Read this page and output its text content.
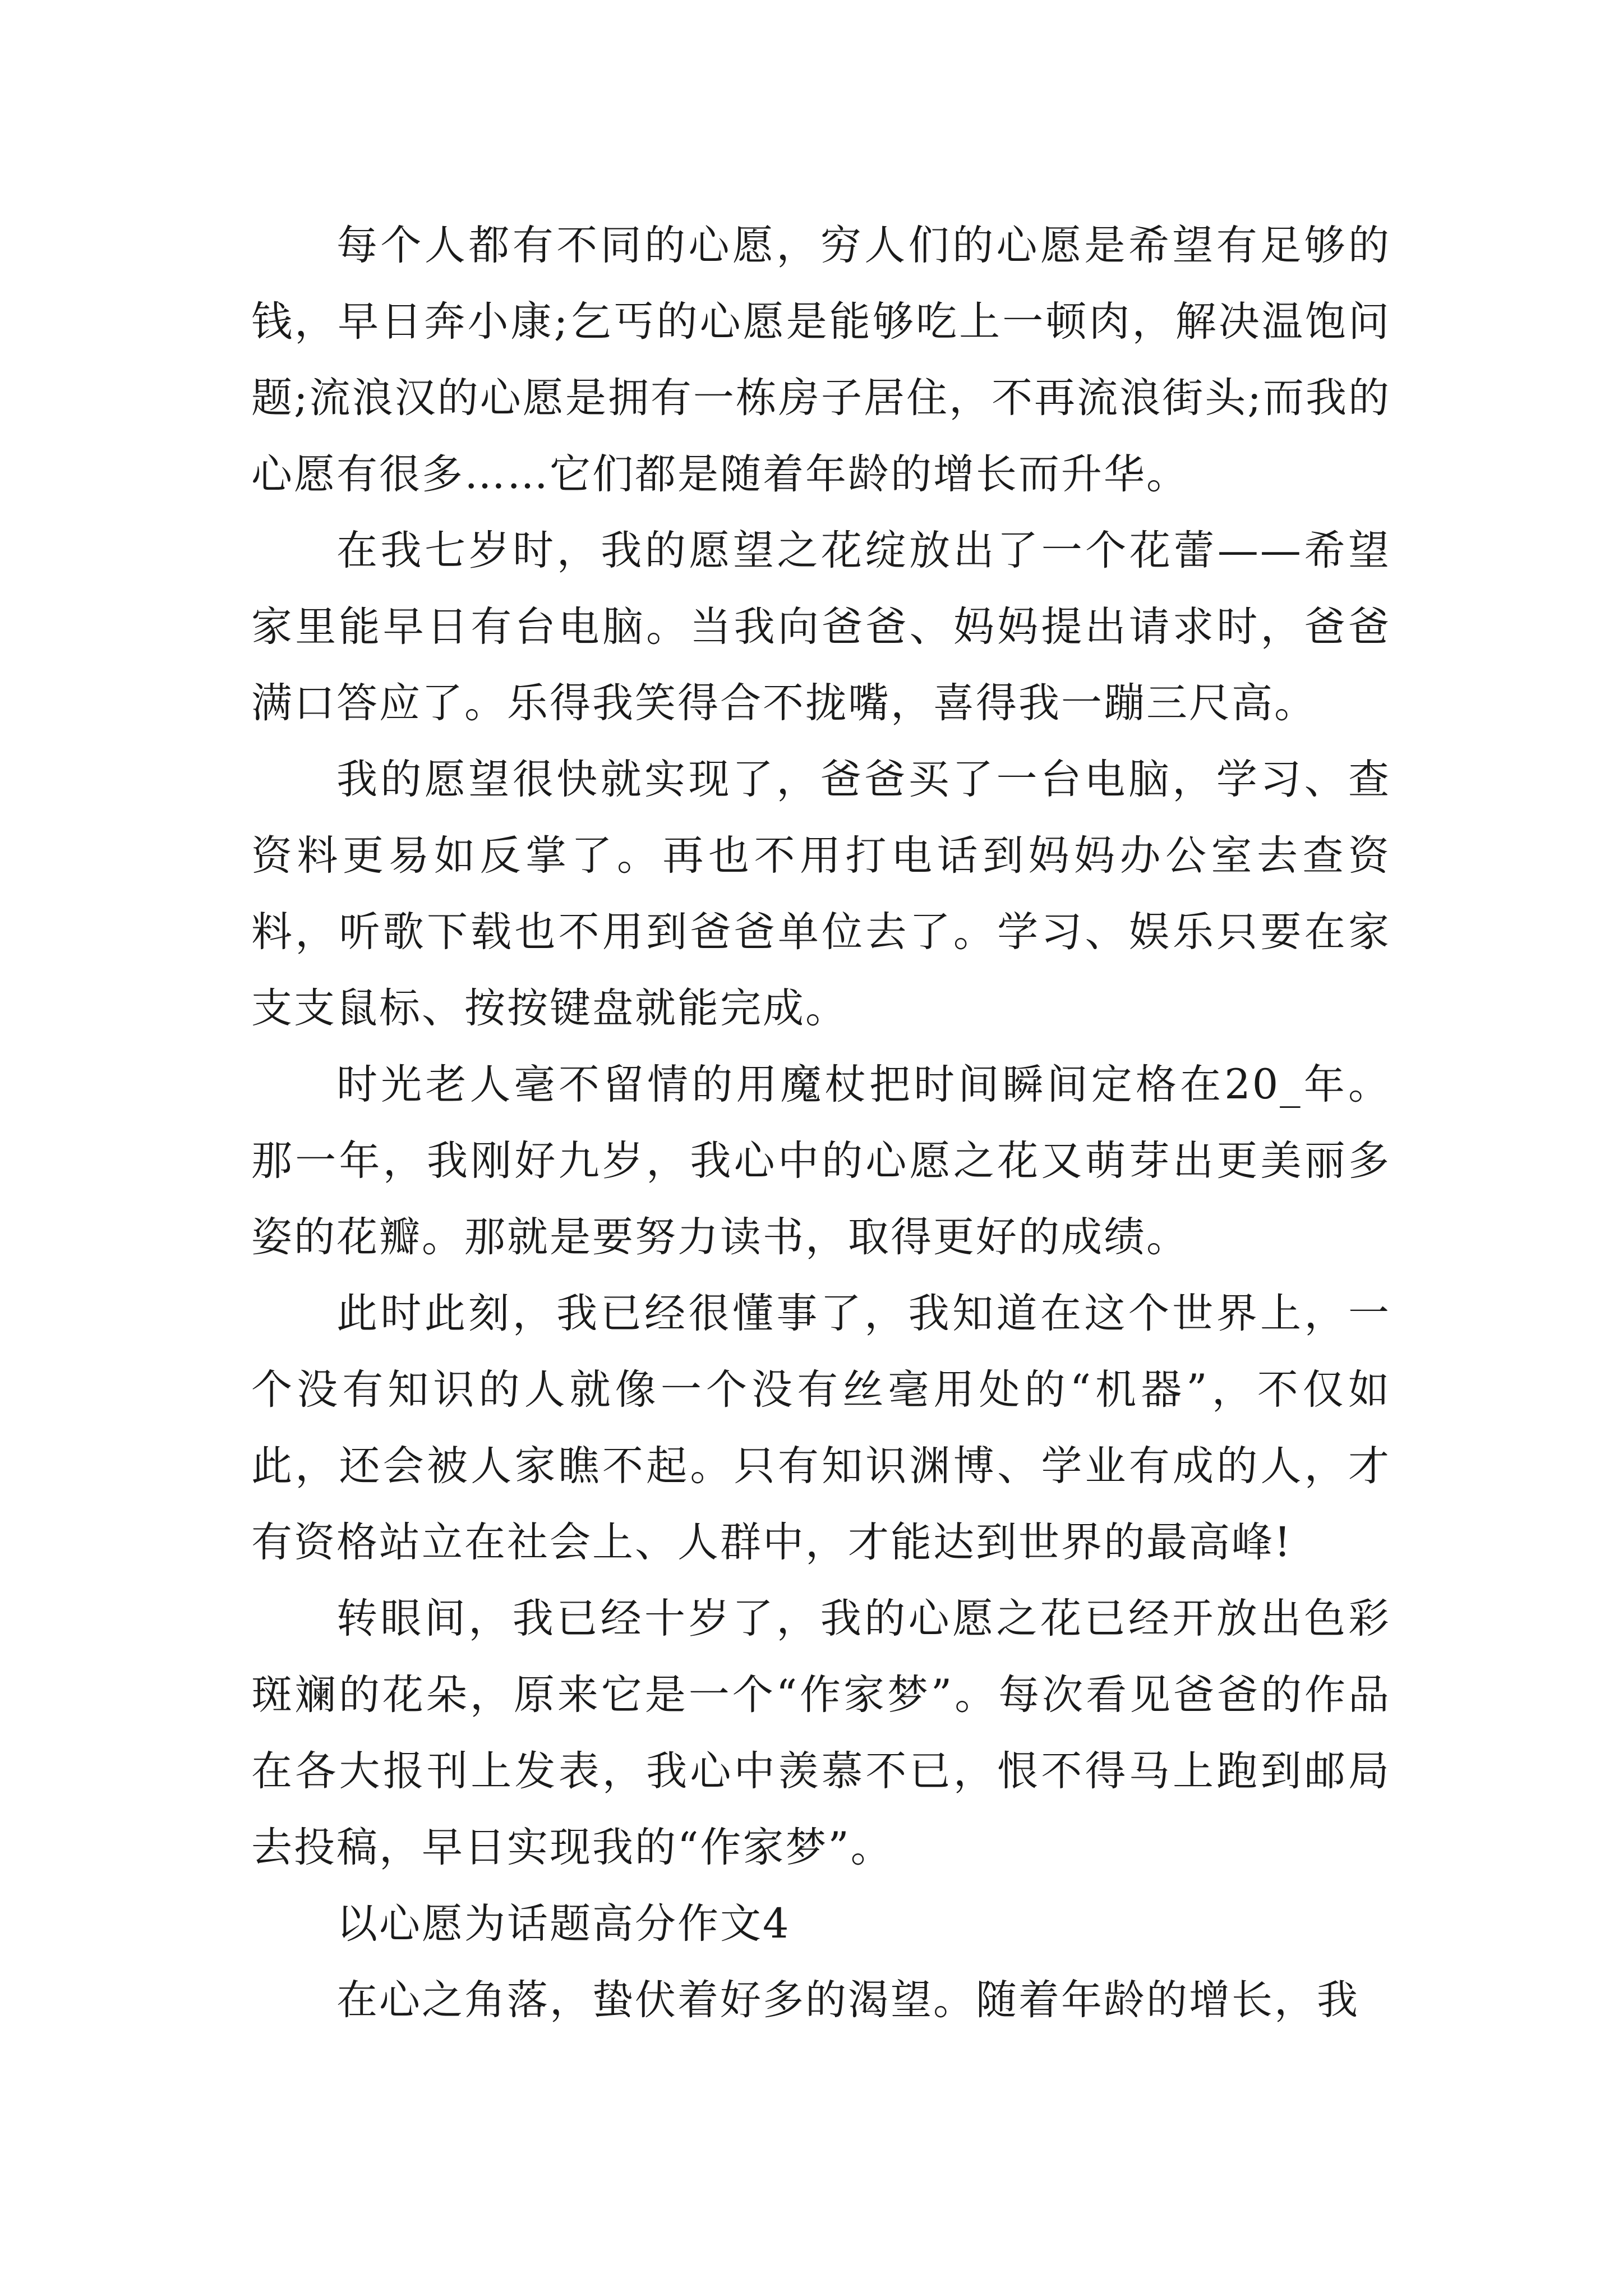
每个人都有不同的心愿，穷人们的心愿是希望有足够的钱，早日奔小康;乞丐的心愿是能够吃上一顿肉，解决温饱问题;流浪汉的心愿是拥有一栋房子居住，不再流浪街头;而我的心愿有很多……它们都是随着年龄的增长而升华。

在我七岁时，我的愿望之花绽放出了一个花蕾——希望家里能早日有台电脑。当我向爸爸、妈妈提出请求时，爸爸满口答应了。乐得我笑得合不拢嘴，喜得我一蹦三尺高。

我的愿望很快就实现了，爸爸买了一台电脑，学习、查资料更易如反掌了。再也不用打电话到妈妈办公室去查资料，听歌下载也不用到爸爸单位去了。学习、娱乐只要在家支支鼠标、按按键盘就能完成。

时光老人毫不留情的用魔杖把时间瞬间定格在20_年。那一年，我刚好九岁，我心中的心愿之花又萌芽出更美丽多姿的花瓣。那就是要努力读书，取得更好的成绩。

此时此刻，我已经很懂事了，我知道在这个世界上，一个没有知识的人就像一个没有丝毫用处的“机器”，不仅如此，还会被人家瞧不起。只有知识渊博、学业有成的人，才有资格站立在社会上、人群中，才能达到世界的最高峰!

转眼间，我已经十岁了，我的心愿之花已经开放出色彩斑斓的花朵，原来它是一个“作家梦”。每次看见爸爸的作品在各大报刊上发表，我心中羡慕不已，恨不得马上跑到邮局去投稿，早日实现我的“作家梦”。

以心愿为话题高分作文4

在心之角落，蛰伏着好多的渴望。随着年龄的增长，我
